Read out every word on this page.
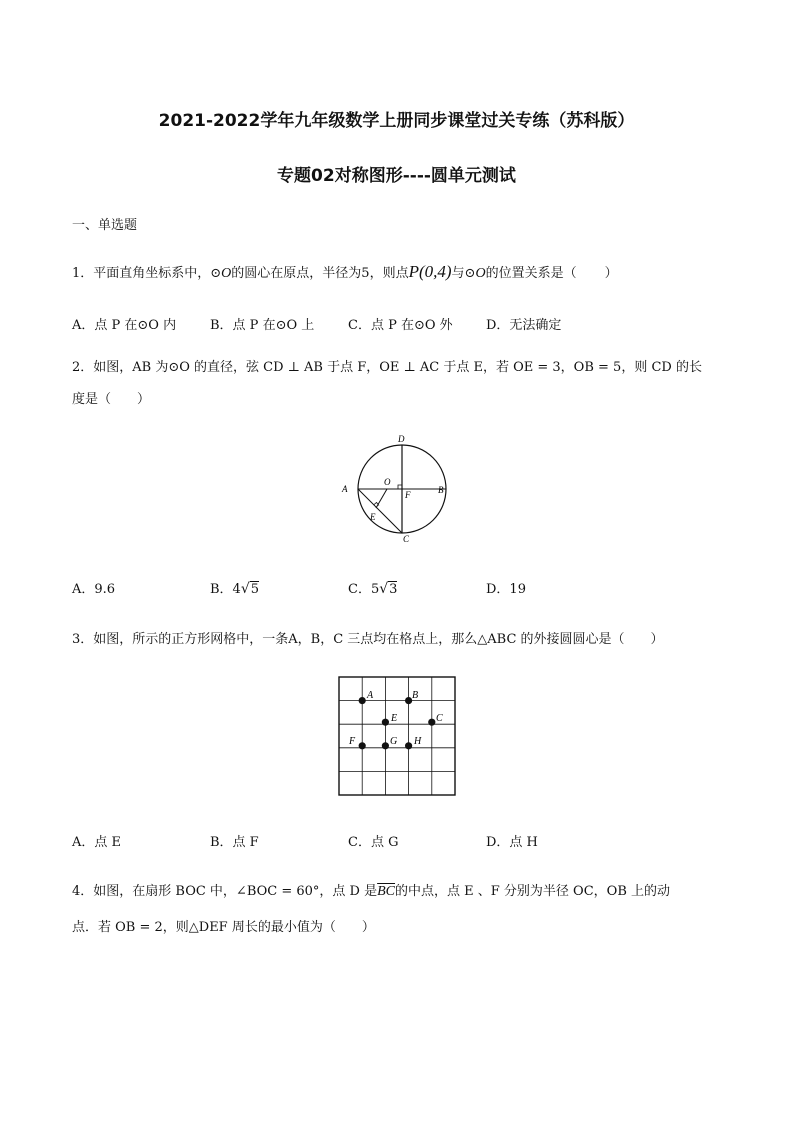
2021-2022学年九年级数学上册同步课堂过关专练（苏科版）
专题02对称图形----圆单元测试
一、单选题
1．平面直角坐标系中，⊙O的圆心在原点，半径为5，则点P(0,4)与⊙O的位置关系是（ ）
A．点 P 在⊙O 内	B．点 P 在⊙O 上	C．点 P 在⊙O 外	D．无法确定
2．如图，AB 为⊙O 的直径，弦 CD ⊥ AB 于点 F，OE ⊥ AC 于点 E，若 OE = 3，OB = 5，则 CD 的长
度是（　　）
D
A	B
O
F
E
C
A．9.6	B．4√5	C．5√3	D．19
3．如图，所示的正方形网格中，一条A，B，C 三点均在格点上，那么△ABC 的外接圆圆心是（　　）
A	B
E	C
F	G H
A．点 E	B．点 F	C．点 G	D．点 H
4．如图，在扇形 BOC 中，∠BOC = 60°，点 D 是$\overline{BC}$的中点，点 E 、F 分别为半径 OC，OB 上的动
点．若 OB = 2，则△DEF 周长的最小值为（　　）
